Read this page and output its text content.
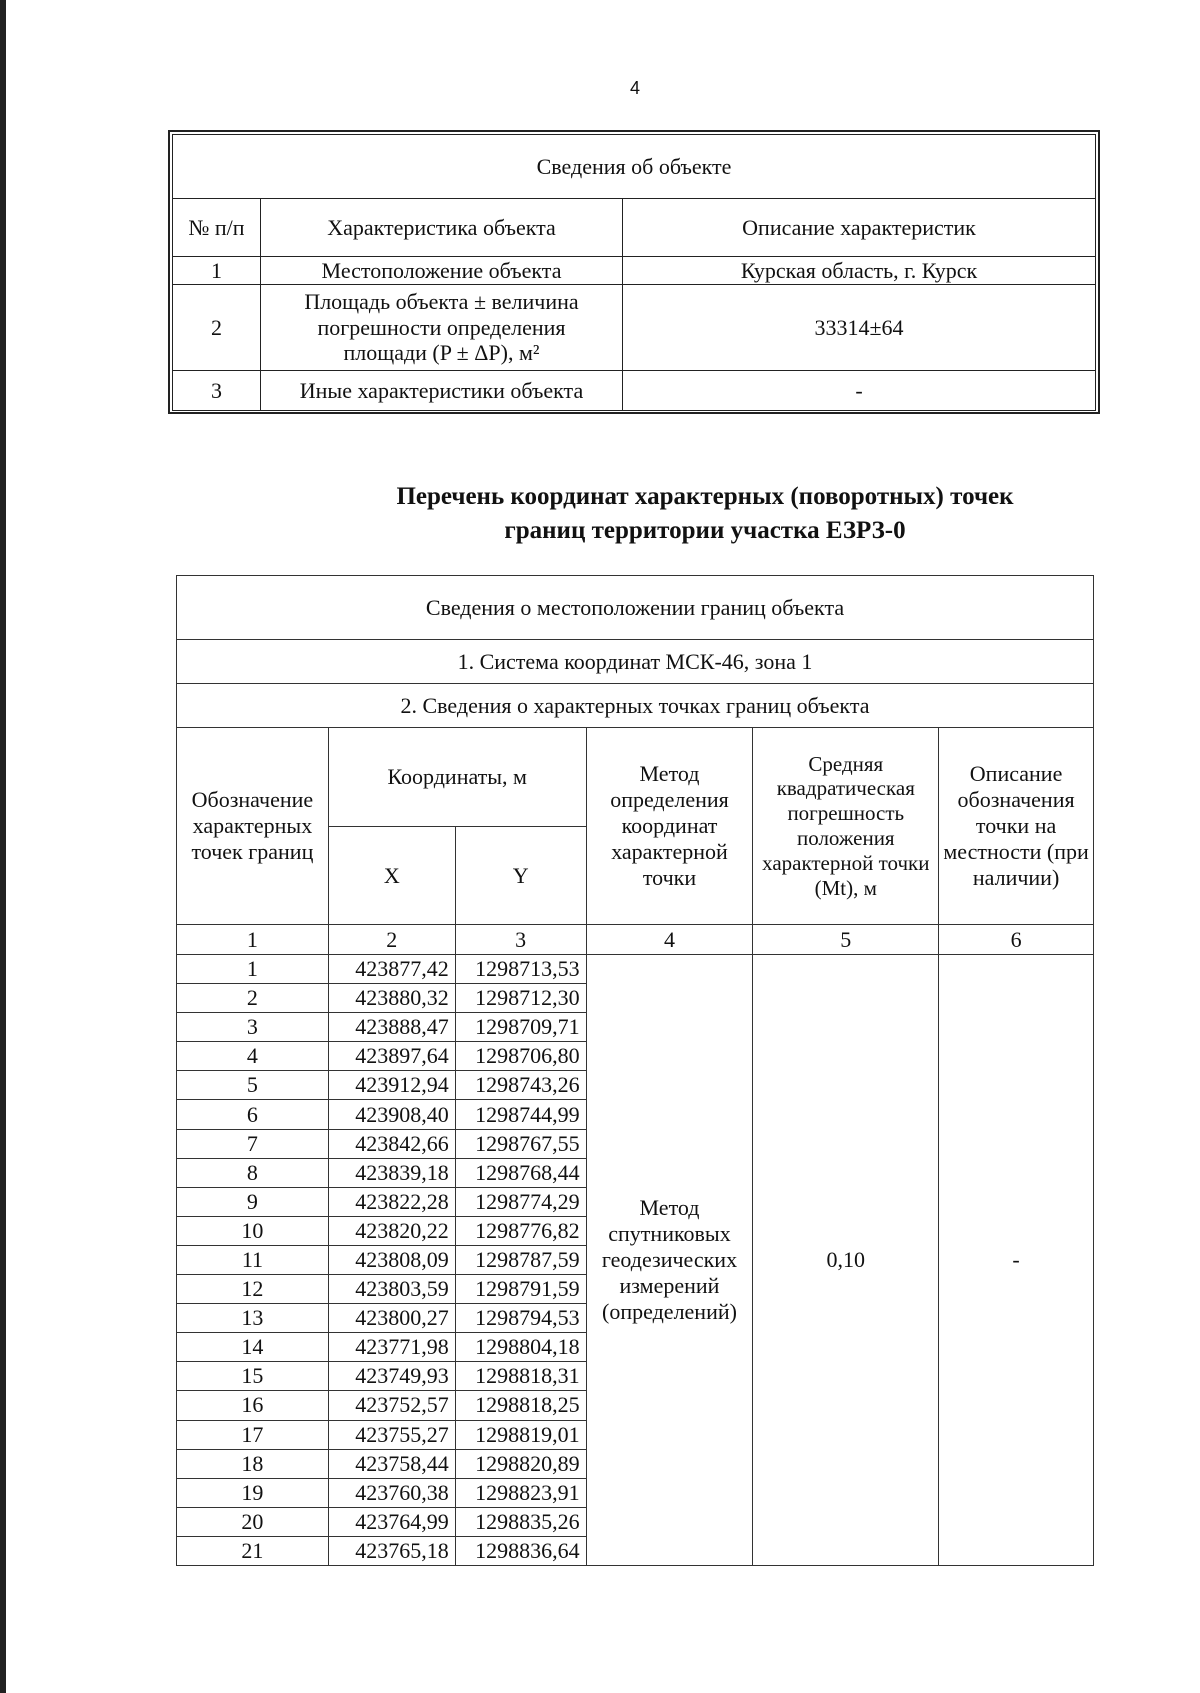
4
Сведения об объекте		
№ п/п	Характеристика объекта	Описание характеристик
1	Местоположение объекта	Курская область, г. Курск
2	Площадь объекта ± величина
погрешности определения
площади (P ± ΔP), м²	33314±64
3	Иные характеристики объекта	-
Перечень координат характерных (поворотных) точек
границ территории участка ЕЗРЗ-0
Сведения о местоположении границ объекта					
1. Система координат МСК-46, зона 1					
2. Сведения о характерных точках границ объекта					
Обозначение характерных точек границ	Координаты, м		Метод определения координат характерной точки	Средняя квадратическая погрешность положения характерной точки (Mt), м	Описание обозначения точки на местности (при наличии)
	X	Y			
1	2	3	4	5	6
1	423877,42	1298713,53	Метод спутниковых геодезических измерений (определений)	0,10	-
2	423880,32	1298712,30			
3	423888,47	1298709,71			
4	423897,64	1298706,80			
5	423912,94	1298743,26			
6	423908,40	1298744,99			
7	423842,66	1298767,55			
8	423839,18	1298768,44			
9	423822,28	1298774,29			
10	423820,22	1298776,82			
11	423808,09	1298787,59			
12	423803,59	1298791,59			
13	423800,27	1298794,53			
14	423771,98	1298804,18			
15	423749,93	1298818,31			
16	423752,57	1298818,25			
17	423755,27	1298819,01			
18	423758,44	1298820,89			
19	423760,38	1298823,91			
20	423764,99	1298835,26			
21	423765,18	1298836,64			
